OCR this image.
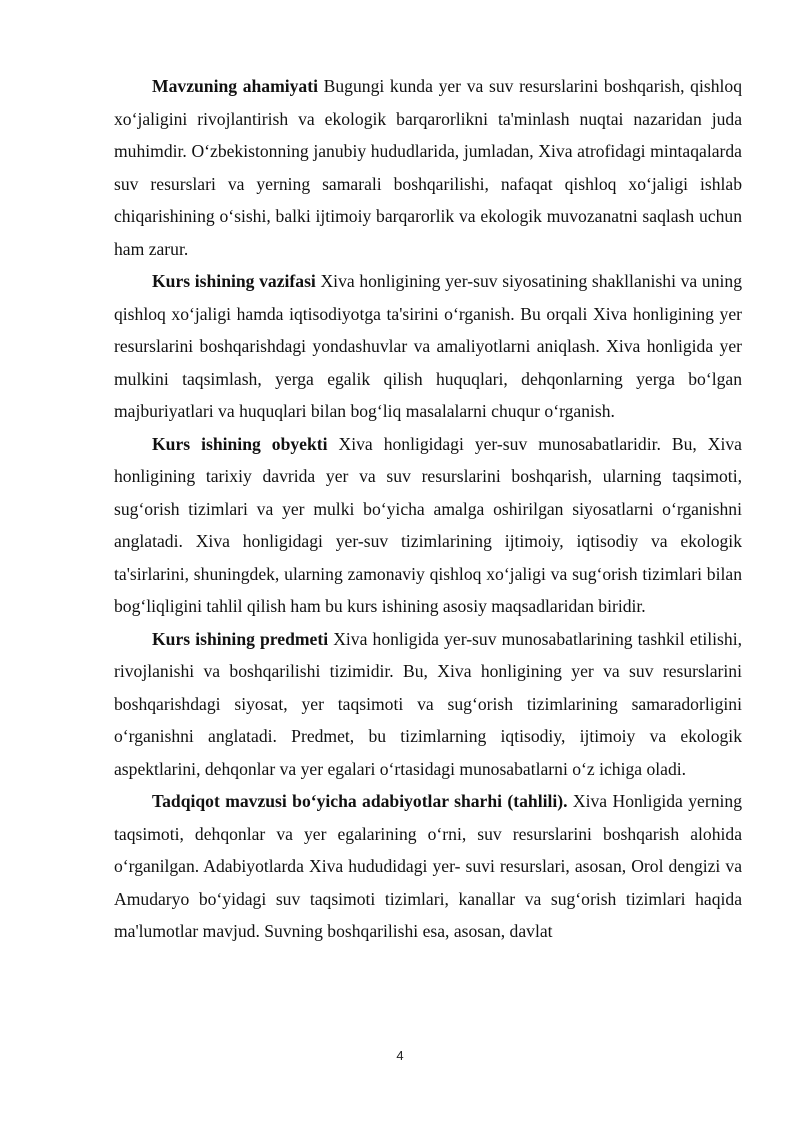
Mavzuning ahamiyati Bugungi kunda yer va suv resurslarini boshqarish, qishloq xo‘jaligini rivojlantirish va ekologik barqarorlikni ta'minlash nuqtai nazaridan juda muhimdir. O‘zbekistonning janubiy hududlarida, jumladan, Xiva atrofidagi mintaqalarda suv resurslari va yerning samarali boshqarilishi, nafaqat qishloq xo‘jaligi ishlab chiqarishining o‘sishi, balki ijtimoiy barqarorlik va ekologik muvozanatni saqlash uchun ham zarur.

Kurs ishining vazifasi Xiva honligining yer-suv siyosatining shakllanishi va uning qishloq xo‘jaligi hamda iqtisodiyotga ta'sirini o‘rganish. Bu orqali Xiva honligining yer resurslarini boshqarishdagi yondashuvlar va amaliyotlarni aniqlash. Xiva honligida yer mulkini taqsimlash, yerga egalik qilish huquqlari, dehqonlarning yerga bo‘lgan majburiyatlari va huquqlari bilan bog‘liq masalalarni chuqur o‘rganish.

Kurs ishining obyekti Xiva honligidagi yer-suv munosabatlaridir. Bu, Xiva honligining tarixiy davrida yer va suv resurslarini boshqarish, ularning taqsimoti, sug‘orish tizimlari va yer mulki bo‘yicha amalga oshirilgan siyosatlarni o‘rganishni anglatadi. Xiva honligidagi yer-suv tizimlarining ijtimoiy, iqtisodiy va ekologik ta'sirlarini, shuningdek, ularning zamonaviy qishloq xo‘jaligi va sug‘orish tizimlari bilan bog‘liqligini tahlil qilish ham bu kurs ishining asosiy maqsadlaridan biridir.

Kurs ishining predmeti Xiva honligida yer-suv munosabatlarining tashkil etilishi, rivojlanishi va boshqarilishi tizimidir. Bu, Xiva honligining yer va suv resurslarini boshqarishdagi siyosat, yer taqsimoti va sug‘orish tizimlarining samaradorligini o‘rganishni anglatadi. Predmet, bu tizimlarning iqtisodiy, ijtimoiy va ekologik aspektlarini, dehqonlar va yer egalari o‘rtasidagi munosabatlarni o‘z ichiga oladi.

Tadqiqot mavzusi bo‘yicha adabiyotlar sharhi (tahlili). Xiva Honligida yerning taqsimoti, dehqonlar va yer egalarining o‘rni, suv resurslarini boshqarish alohida o‘rganilgan. Adabiyotlarda Xiva hududidagi yer- suvi resurslari, asosan, Orol dengizi va Amudaryo bo‘yidagi suv taqsimoti tizimlari, kanallar va sug‘orish tizimlari haqida ma'lumotlar mavjud. Suvning boshqarilishi esa, asosan, davlat

4
